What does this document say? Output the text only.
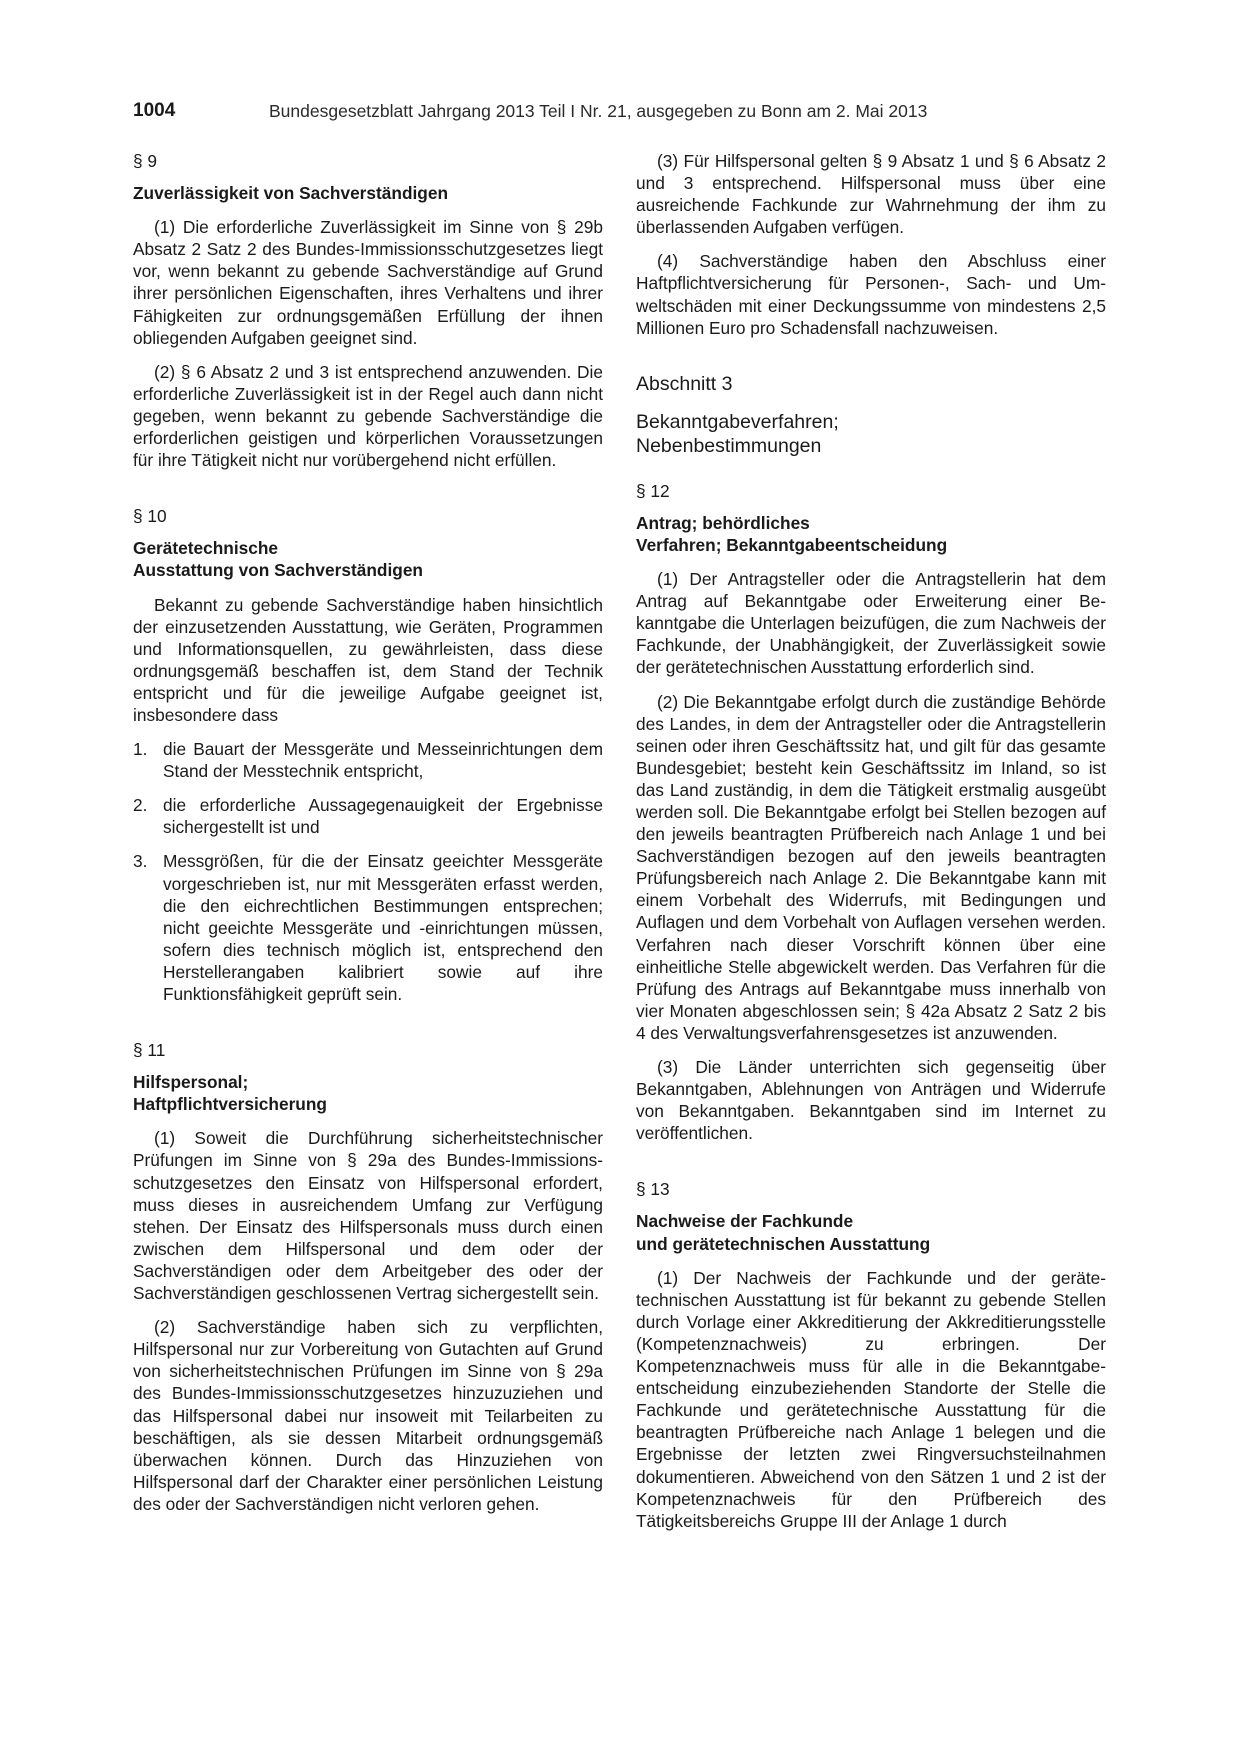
1004	Bundesgesetzblatt Jahrgang 2013 Teil I Nr. 21, ausgegeben zu Bonn am 2. Mai 2013

§ 9

Zuverlässigkeit von Sachverständigen

(1) Die erforderliche Zuverlässigkeit im Sinne von § 29b Absatz 2 Satz 2 des Bundes-Immissionsschutzgesetzes liegt vor, wenn bekannt zu gebende Sachverständige auf Grund ihrer persönlichen Eigenschaften, ihres Verhaltens und ihrer Fähigkeiten zur ordnungsgemäßen Erfüllung der ihnen obliegenden Aufgaben geeignet sind.

(2) § 6 Absatz 2 und 3 ist entsprechend anzuwenden. Die erforderliche Zuverlässigkeit ist in der Regel auch dann nicht gegeben, wenn bekannt zu gebende Sachverständige die erforderlichen geistigen und körperlichen Voraussetzungen für ihre Tätigkeit nicht nur vorübergehend nicht erfüllen.

§ 10

Gerätetechnische

Ausstattung von Sachverständigen

Bekannt zu gebende Sachverständige haben hinsichtlich der einzusetzenden Ausstattung, wie Geräten, Programmen und Informationsquellen, zu gewährleisten, dass diese ordnungsgemäß beschaffen ist, dem Stand der Technik entspricht und für die jeweilige Aufgabe geeignet ist, insbesondere dass

1. die Bauart der Messgeräte und Messeinrichtungen dem Stand der Messtechnik entspricht,
2. die erforderliche Aussagegenauigkeit der Ergebnisse sichergestellt ist und
3. Messgrößen, für die der Einsatz geeichter Messgeräte vorgeschrieben ist, nur mit Messgeräten erfasst werden, die den eichrechtlichen Bestimmungen entsprechen; nicht geeichte Messgeräte und -einrichtungen müssen, sofern dies technisch möglich ist, entsprechend den Herstellerangaben kalibriert sowie auf ihre Funktionsfähigkeit geprüft sein.

§ 11

Hilfspersonal;

Haftpflichtversicherung

(1) Soweit die Durchführung sicherheitstechnischer Prüfungen im Sinne von § 29a des Bundes-Immissionsschutzgesetzes den Einsatz von Hilfspersonal erfordert, muss dieses in ausreichendem Umfang zur Verfügung stehen. Der Einsatz des Hilfspersonals muss durch einen zwischen dem Hilfspersonal und dem oder der Sachverständigen oder dem Arbeitgeber des oder der Sachverständigen geschlossenen Vertrag sichergestellt sein.

(2) Sachverständige haben sich zu verpflichten, Hilfspersonal nur zur Vorbereitung von Gutachten auf Grund von sicherheitstechnischen Prüfungen im Sinne von § 29a des Bundes-Immissionsschutzgesetzes hinzuzuziehen und das Hilfspersonal dabei nur insoweit mit Teilarbeiten zu beschäftigen, als sie dessen Mitarbeit ordnungsgemäß überwachen können. Durch das Hinzuziehen von Hilfspersonal darf der Charakter einer persönlichen Leistung des oder der Sachverständigen nicht verloren gehen.

(3) Für Hilfspersonal gelten § 9 Absatz 1 und § 6 Absatz 2 und 3 entsprechend. Hilfspersonal muss über eine ausreichende Fachkunde zur Wahrnehmung der ihm zu überlassenden Aufgaben verfügen.

(4) Sachverständige haben den Abschluss einer Haftpflichtversicherung für Personen-, Sach- und Umweltschäden mit einer Deckungssumme von mindestens 2,5 Millionen Euro pro Schadensfall nachzuweisen.

Abschnitt 3

Bekanntgabeverfahren;

Nebenbestimmungen

§ 12

Antrag; behördliches

Verfahren; Bekanntgabeentscheidung

(1) Der Antragsteller oder die Antragstellerin hat dem Antrag auf Bekanntgabe oder Erweiterung einer Bekanntgabe die Unterlagen beizufügen, die zum Nachweis der Fachkunde, der Unabhängigkeit, der Zuverlässigkeit sowie der gerätetechnischen Ausstattung erforderlich sind.

(2) Die Bekanntgabe erfolgt durch die zuständige Behörde des Landes, in dem der Antragsteller oder die Antragstellerin seinen oder ihren Geschäftssitz hat, und gilt für das gesamte Bundesgebiet; besteht kein Geschäftssitz im Inland, so ist das Land zuständig, in dem die Tätigkeit erstmalig ausgeübt werden soll. Die Bekanntgabe erfolgt bei Stellen bezogen auf den jeweils beantragten Prüfbereich nach Anlage 1 und bei Sachverständigen bezogen auf den jeweils beantragten Prüfungsbereich nach Anlage 2. Die Bekanntgabe kann mit einem Vorbehalt des Widerrufs, mit Bedingungen und Auflagen und dem Vorbehalt von Auflagen versehen werden. Verfahren nach dieser Vorschrift können über eine einheitliche Stelle abgewickelt werden. Das Verfahren für die Prüfung des Antrags auf Bekanntgabe muss innerhalb von vier Monaten abgeschlossen sein; § 42a Absatz 2 Satz 2 bis 4 des Verwaltungsverfahrensgesetzes ist anzuwenden.

(3) Die Länder unterrichten sich gegenseitig über Bekanntgaben, Ablehnungen von Anträgen und Widerrufe von Bekanntgaben. Bekanntgaben sind im Internet zu veröffentlichen.

§ 13

Nachweise der Fachkunde

und gerätetechnischen Ausstattung

(1) Der Nachweis der Fachkunde und der gerätetechnischen Ausstattung ist für bekannt zu gebende Stellen durch Vorlage einer Akkreditierung der Akkreditierungsstelle (Kompetenznachweis) zu erbringen. Der Kompetenznachweis muss für alle in die Bekanntgabeentscheidung einzubeziehenden Standorte der Stelle die Fachkunde und gerätetechnische Ausstattung für die beantragten Prüfbereiche nach Anlage 1 belegen und die Ergebnisse der letzten zwei Ringversuchsteilnahmen dokumentieren. Abweichend von den Sätzen 1 und 2 ist der Kompetenznachweis für den Prüfbereich des Tätigkeitsbereichs Gruppe III der Anlage 1 durch
